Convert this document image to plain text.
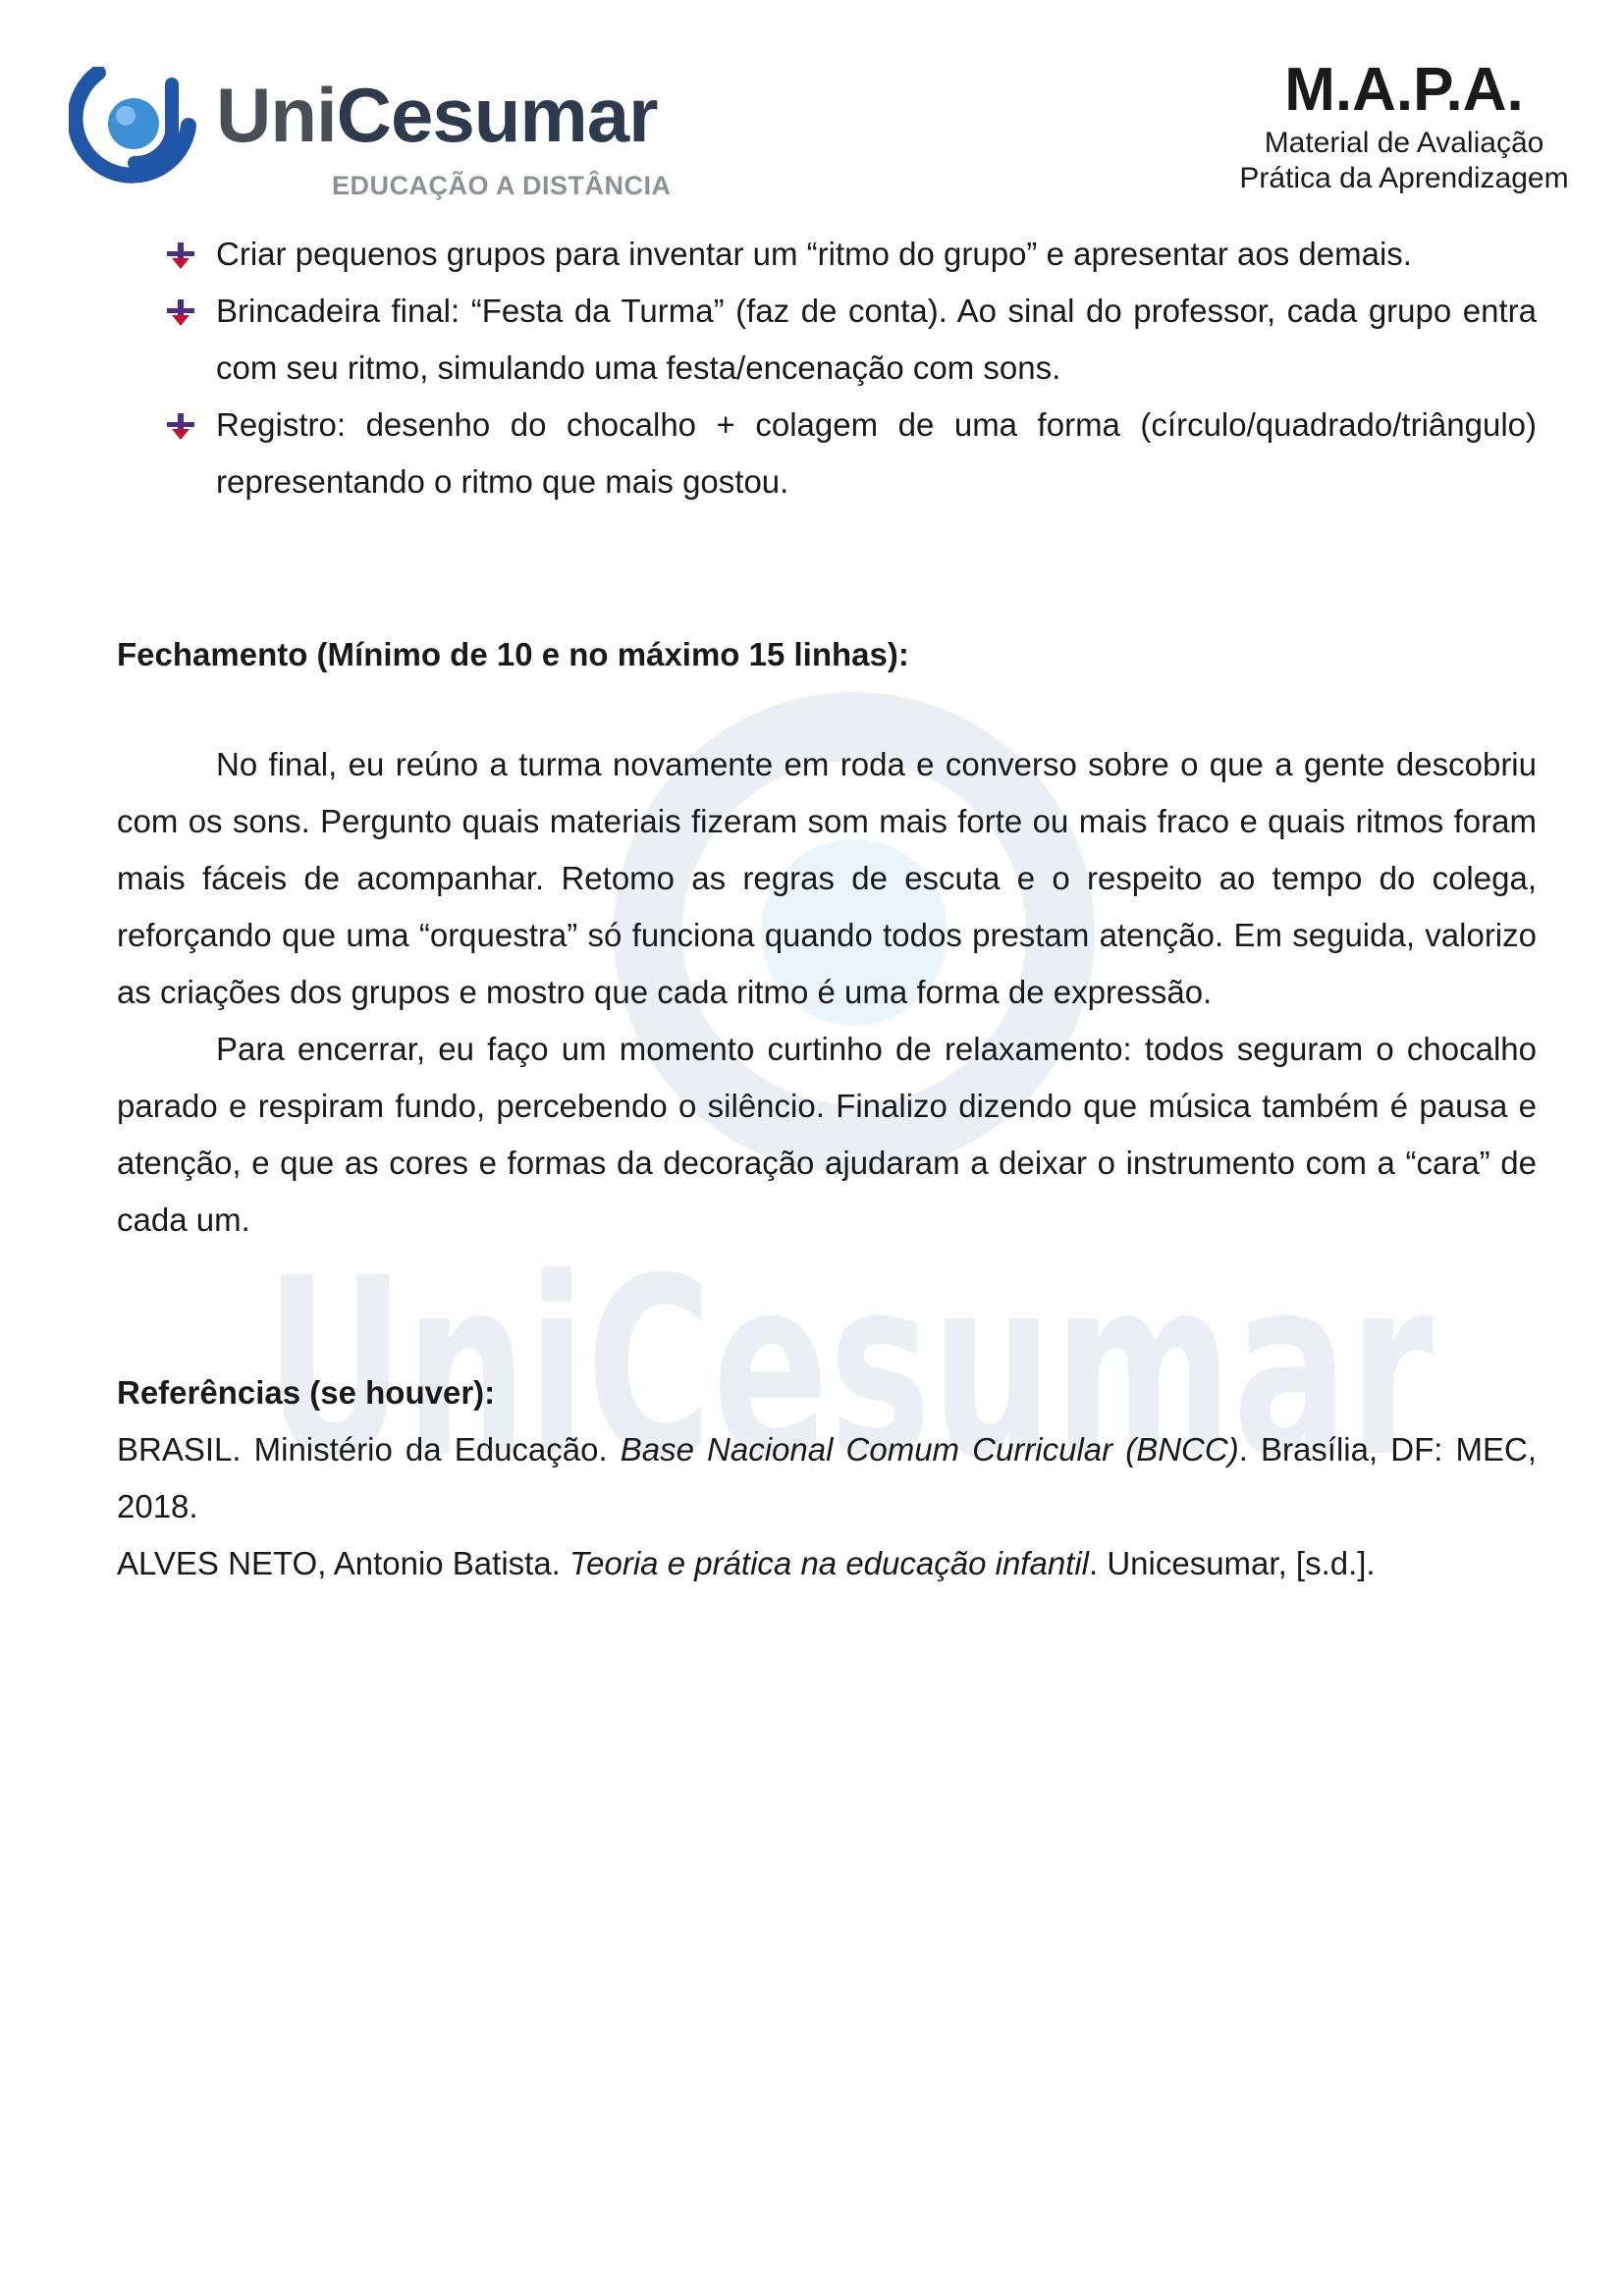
UniCesumar
UniCesumar
EDUCAÇÃO A DISTÂNCIA
M.A.P.A.
Material de Avaliação Prática da Aprendizagem
Criar pequenos grupos para inventar um “ritmo do grupo” e apresentar aos demais.
Brincadeira final: “Festa da Turma” (faz de conta). Ao sinal do professor, cada grupo entra com seu ritmo, simulando uma festa/encenação com sons.
Registro: desenho do chocalho + colagem de uma forma (círculo/quadrado/triângulo) representando o ritmo que mais gostou.

Fechamento (Mínimo de 10 e no máximo 15 linhas):

No final, eu reúno a turma novamente em roda e converso sobre o que a gente descobriu com os sons. Pergunto quais materiais fizeram som mais forte ou mais fraco e quais ritmos foram mais fáceis de acompanhar. Retomo as regras de escuta e o respeito ao tempo do colega, reforçando que uma “orquestra” só funciona quando todos prestam atenção. Em seguida, valorizo as criações dos grupos e mostro que cada ritmo é uma forma de expressão.

Para encerrar, eu faço um momento curtinho de relaxamento: todos seguram o chocalho parado e respiram fundo, percebendo o silêncio. Finalizo dizendo que música também é pausa e atenção, e que as cores e formas da decoração ajudaram a deixar o instrumento com a “cara” de cada um.

Referências (se houver):

BRASIL. Ministério da Educação. Base Nacional Comum Curricular (BNCC). Brasília, DF: MEC, 2018.

ALVES NETO, Antonio Batista. Teoria e prática na educação infantil. Unicesumar, [s.d.].
